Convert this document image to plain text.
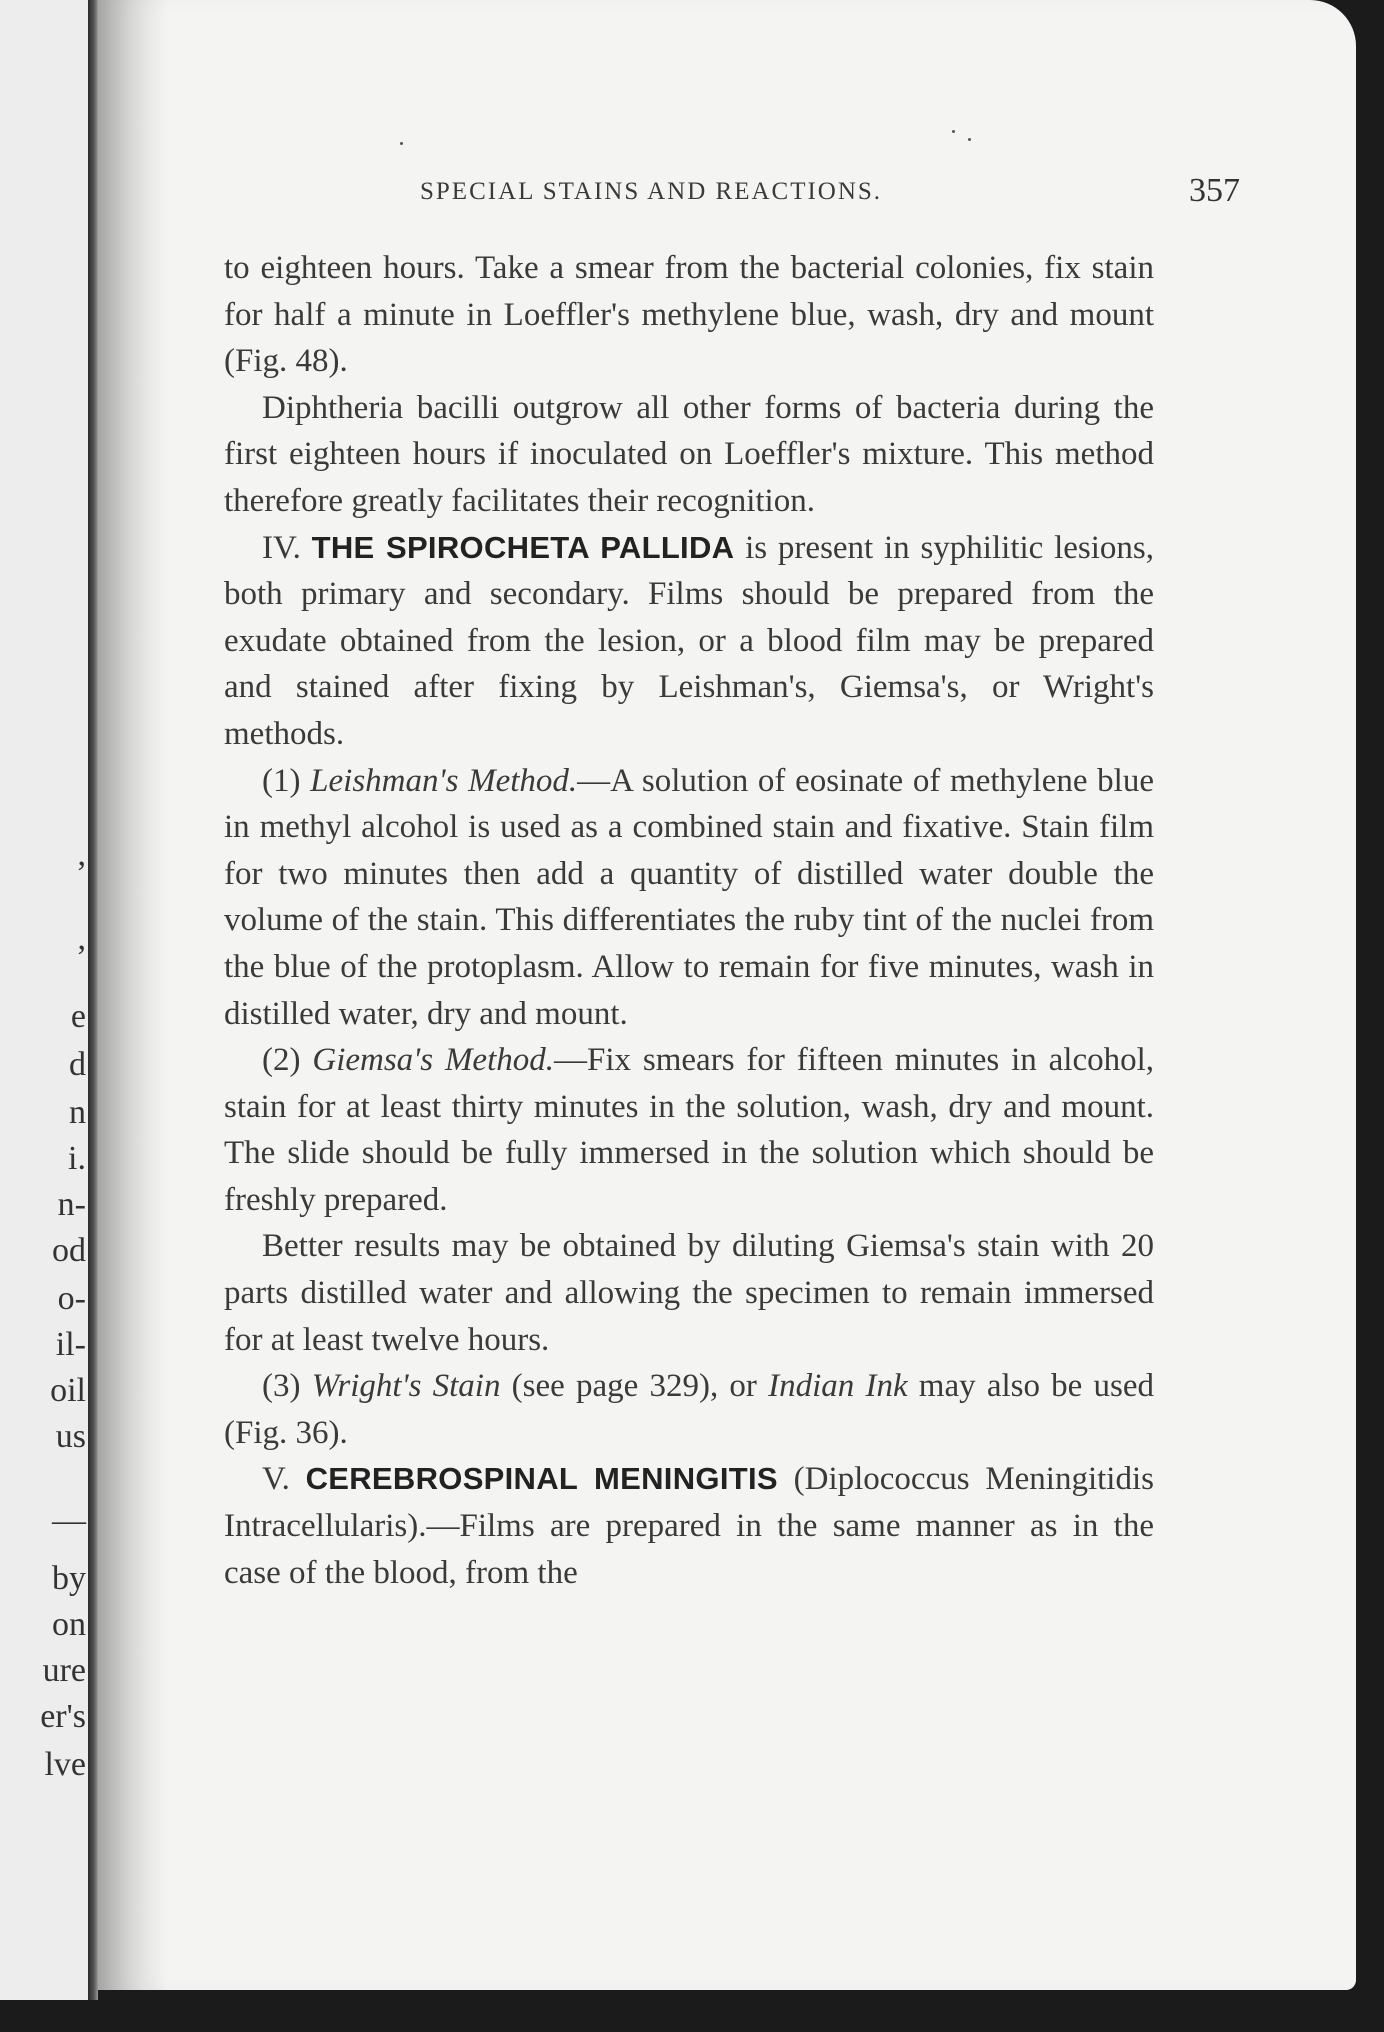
,
,
e
d
n
i.
n-
od
o-
il-
oil
us
—
by
on
ure
er's
lve
SPECIAL STAINS AND REACTIONS.	357

to eighteen hours. Take a smear from the bacterial colonies, fix stain for half a minute in Loeffler's methylene blue, wash, dry and mount (Fig. 48).

Diphtheria bacilli outgrow all other forms of bacteria during the first eighteen hours if inoculated on Loeffler's mixture. This method therefore greatly facilitates their recognition.

IV. THE SPIROCHETA PALLIDA is present in syphilitic lesions, both primary and secondary. Films should be prepared from the exudate obtained from the lesion, or a blood film may be prepared and stained after fixing by Leishman's, Giemsa's, or Wright's methods.

(1) Leishman's Method.—A solution of eosinate of methylene blue in methyl alcohol is used as a combined stain and fixative. Stain film for two minutes then add a quantity of distilled water double the volume of the stain. This differentiates the ruby tint of the nuclei from the blue of the protoplasm. Allow to remain for five minutes, wash in distilled water, dry and mount.

(2) Giemsa's Method.—Fix smears for fifteen minutes in alcohol, stain for at least thirty minutes in the solution, wash, dry and mount. The slide should be fully immersed in the solution which should be freshly prepared.

Better results may be obtained by diluting Giemsa's stain with 20 parts distilled water and allowing the specimen to remain immersed for at least twelve hours.

(3) Wright's Stain (see page 329), or Indian Ink may also be used (Fig. 36).

V. CEREBROSPINAL MENINGITIS (Diplococcus Meningitidis Intracellularis).—Films are prepared in the same manner as in the case of the blood, from the
